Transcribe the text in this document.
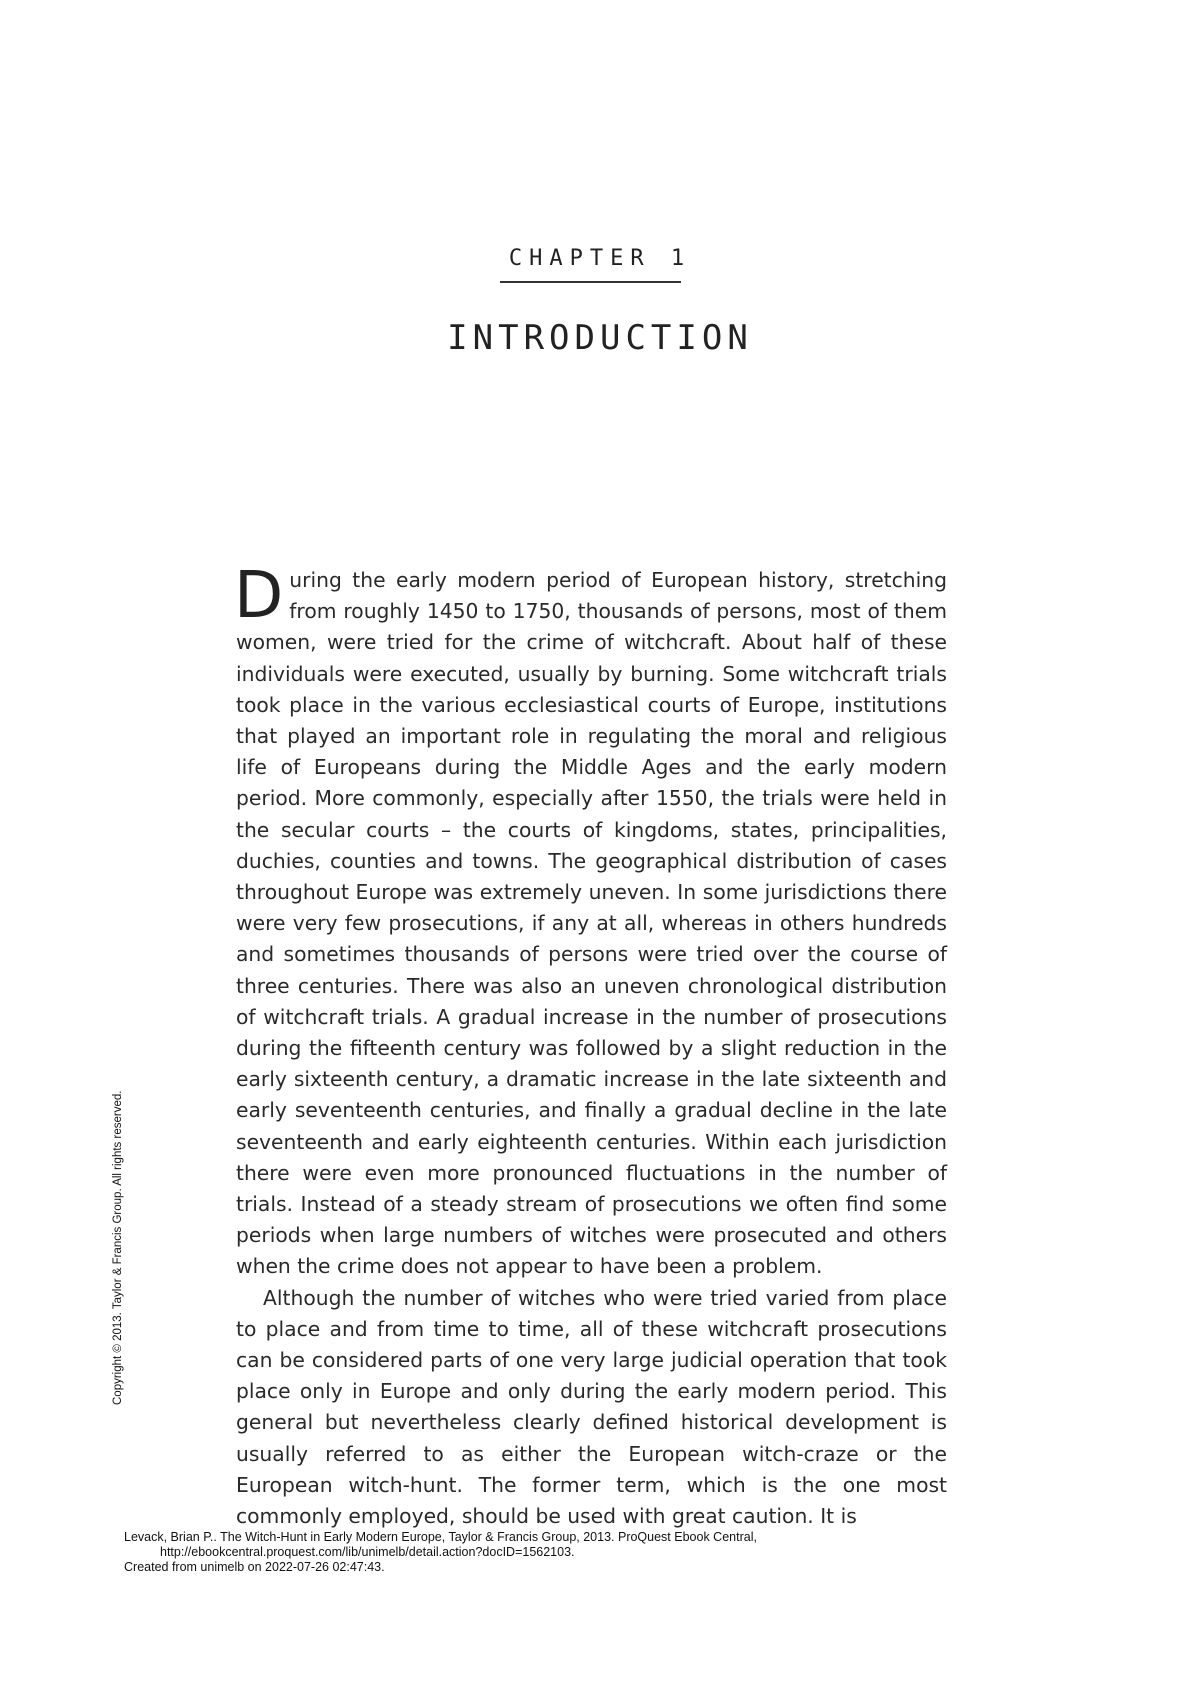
CHAPTER 1
INTRODUCTION

During the early modern period of European history, stretching from roughly 1450 to 1750, thousands of persons, most of them women, were tried for the crime of witchcraft. About half of these individuals were executed, usually by burning. Some witchcraft trials took place in the various ecclesiastical courts of Europe, institutions that played an important role in regulating the moral and religious life of Europeans during the Middle Ages and the early modern period. More commonly, especially after 1550, the trials were held in the secular courts – the courts of kingdoms, states, principalities, duchies, counties and towns. The geographical distribution of cases throughout Europe was extremely uneven. In some jurisdictions there were very few prosecutions, if any at all, whereas in others hundreds and sometimes thousands of persons were tried over the course of three centuries. There was also an uneven chronological distribution of witchcraft trials. A gradual increase in the number of prosecutions during the fifteenth century was followed by a slight reduction in the early sixteenth century, a dramatic increase in the late sixteenth and early seventeenth centuries, and finally a gradual decline in the late seventeenth and early eighteenth centuries. Within each jurisdiction there were even more pronounced fluctuations in the number of trials. Instead of a steady stream of prosecutions we often find some periods when large numbers of witches were prosecuted and others when the crime does not appear to have been a problem.

Although the number of witches who were tried varied from place to place and from time to time, all of these witchcraft prosecutions can be considered parts of one very large judicial operation that took place only in Europe and only during the early modern period. This general but nevertheless clearly defined historical development is usually referred to as either the European witch-craze or the European witch-hunt. The former term, which is the one most commonly employed, should be used with great caution. It is

Copyright © 2013. Taylor & Francis Group. All rights reserved.
Levack, Brian P.. The Witch-Hunt in Early Modern Europe, Taylor & Francis Group, 2013. ProQuest Ebook Central,
http://ebookcentral.proquest.com/lib/unimelb/detail.action?docID=1562103.
Created from unimelb on 2022-07-26 02:47:43.
